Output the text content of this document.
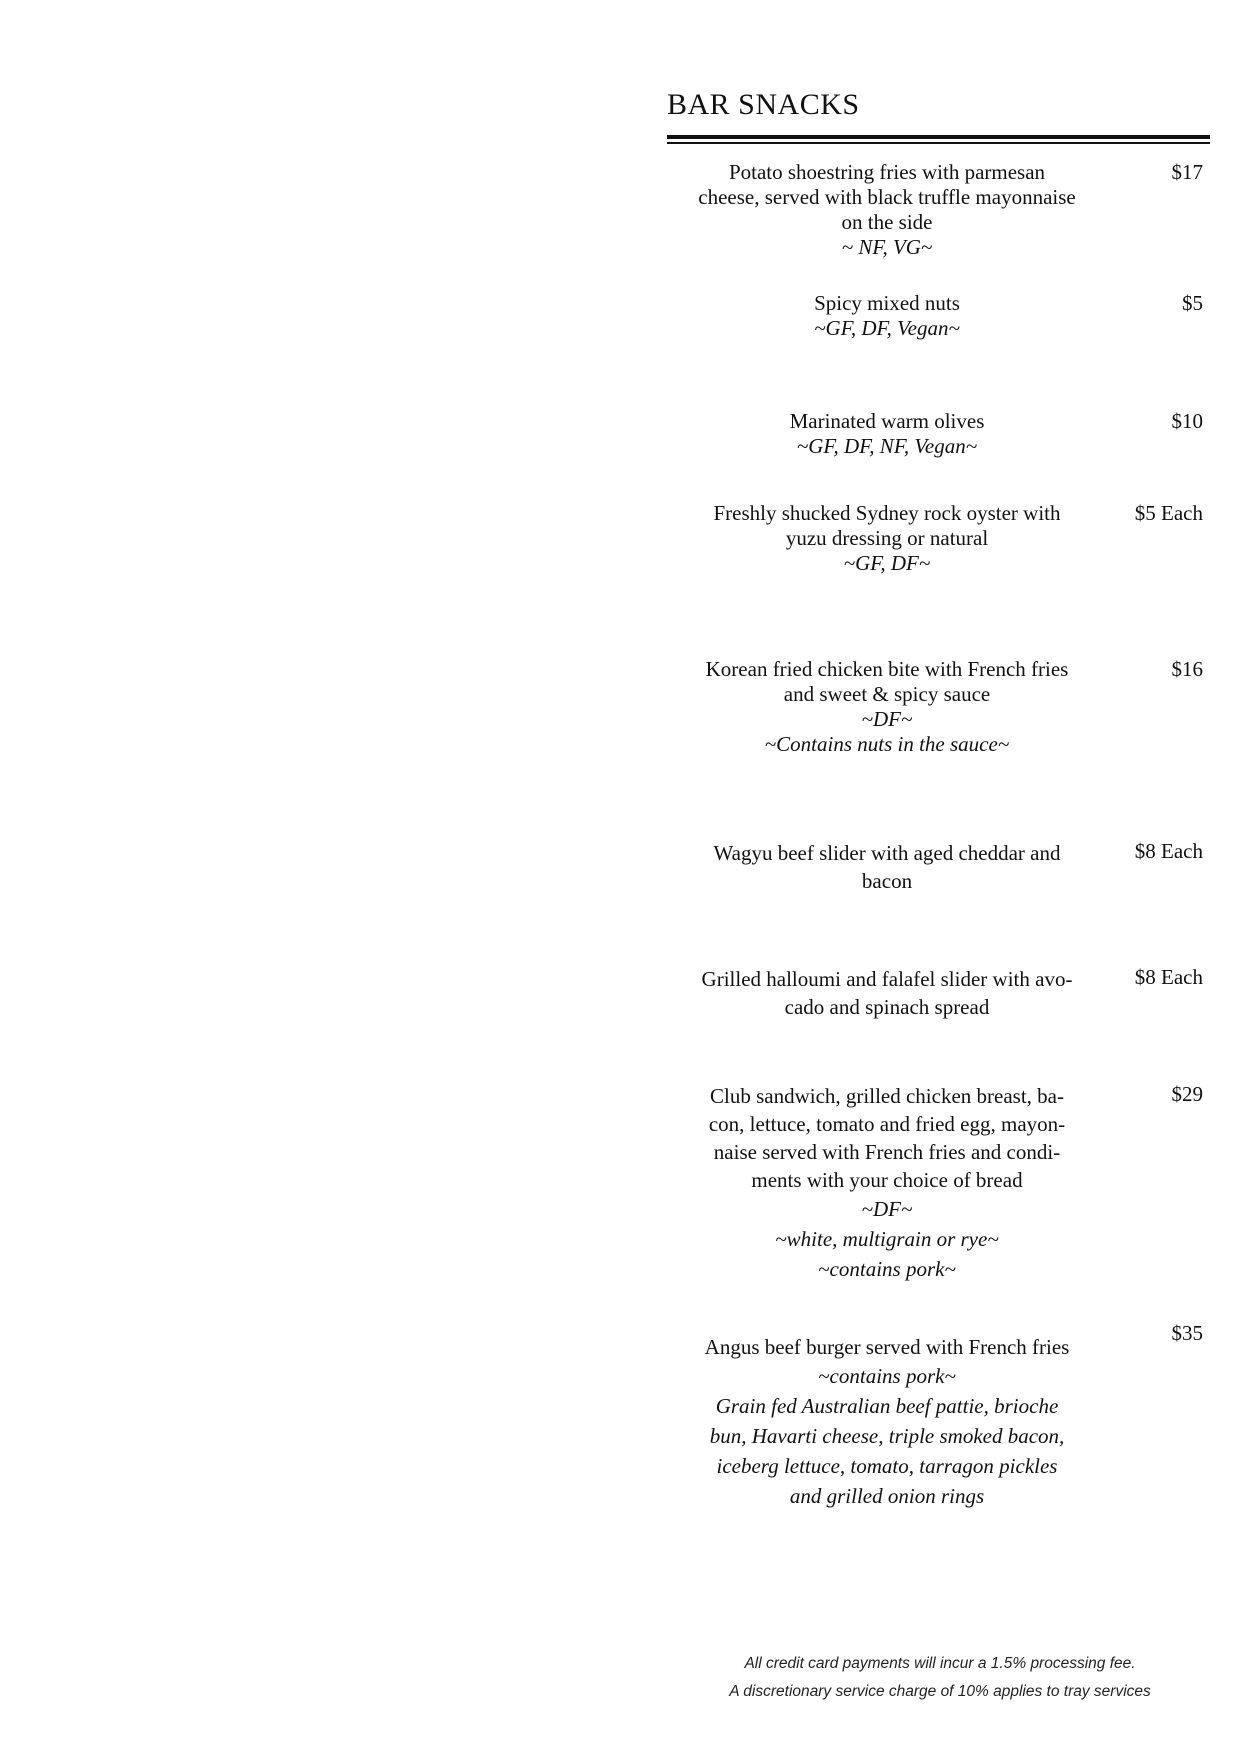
BAR SNACKS
Potato shoestring fries with parmesan
cheese, served with black truffle mayonnaise
on the side
~ NF, VG~
$17
Spicy mixed nuts
~GF, DF, Vegan~
$5
Marinated warm olives
~GF, DF, NF, Vegan~
$10
Freshly shucked Sydney rock oyster with
yuzu dressing or natural
~GF, DF~
$5 Each
Korean fried chicken bite with French fries
and sweet & spicy sauce
~DF~
~Contains nuts in the sauce~
$16
Wagyu beef slider with aged cheddar and
bacon
$8 Each
Grilled halloumi and falafel slider with avo-
cado and spinach spread
$8 Each
Club sandwich, grilled chicken breast, ba-
con, lettuce, tomato and fried egg, mayon-
naise served with French fries and condi-
ments with your choice of bread
~DF~
~white, multigrain or rye~
~contains pork~
$29
Angus beef burger served with French fries
~contains pork~
Grain fed Australian beef pattie, brioche
bun, Havarti cheese, triple smoked bacon,
iceberg lettuce, tomato, tarragon pickles
and grilled onion rings
$35
All credit card payments will incur a 1.5% processing fee.
A discretionary service charge of 10% applies to tray services
